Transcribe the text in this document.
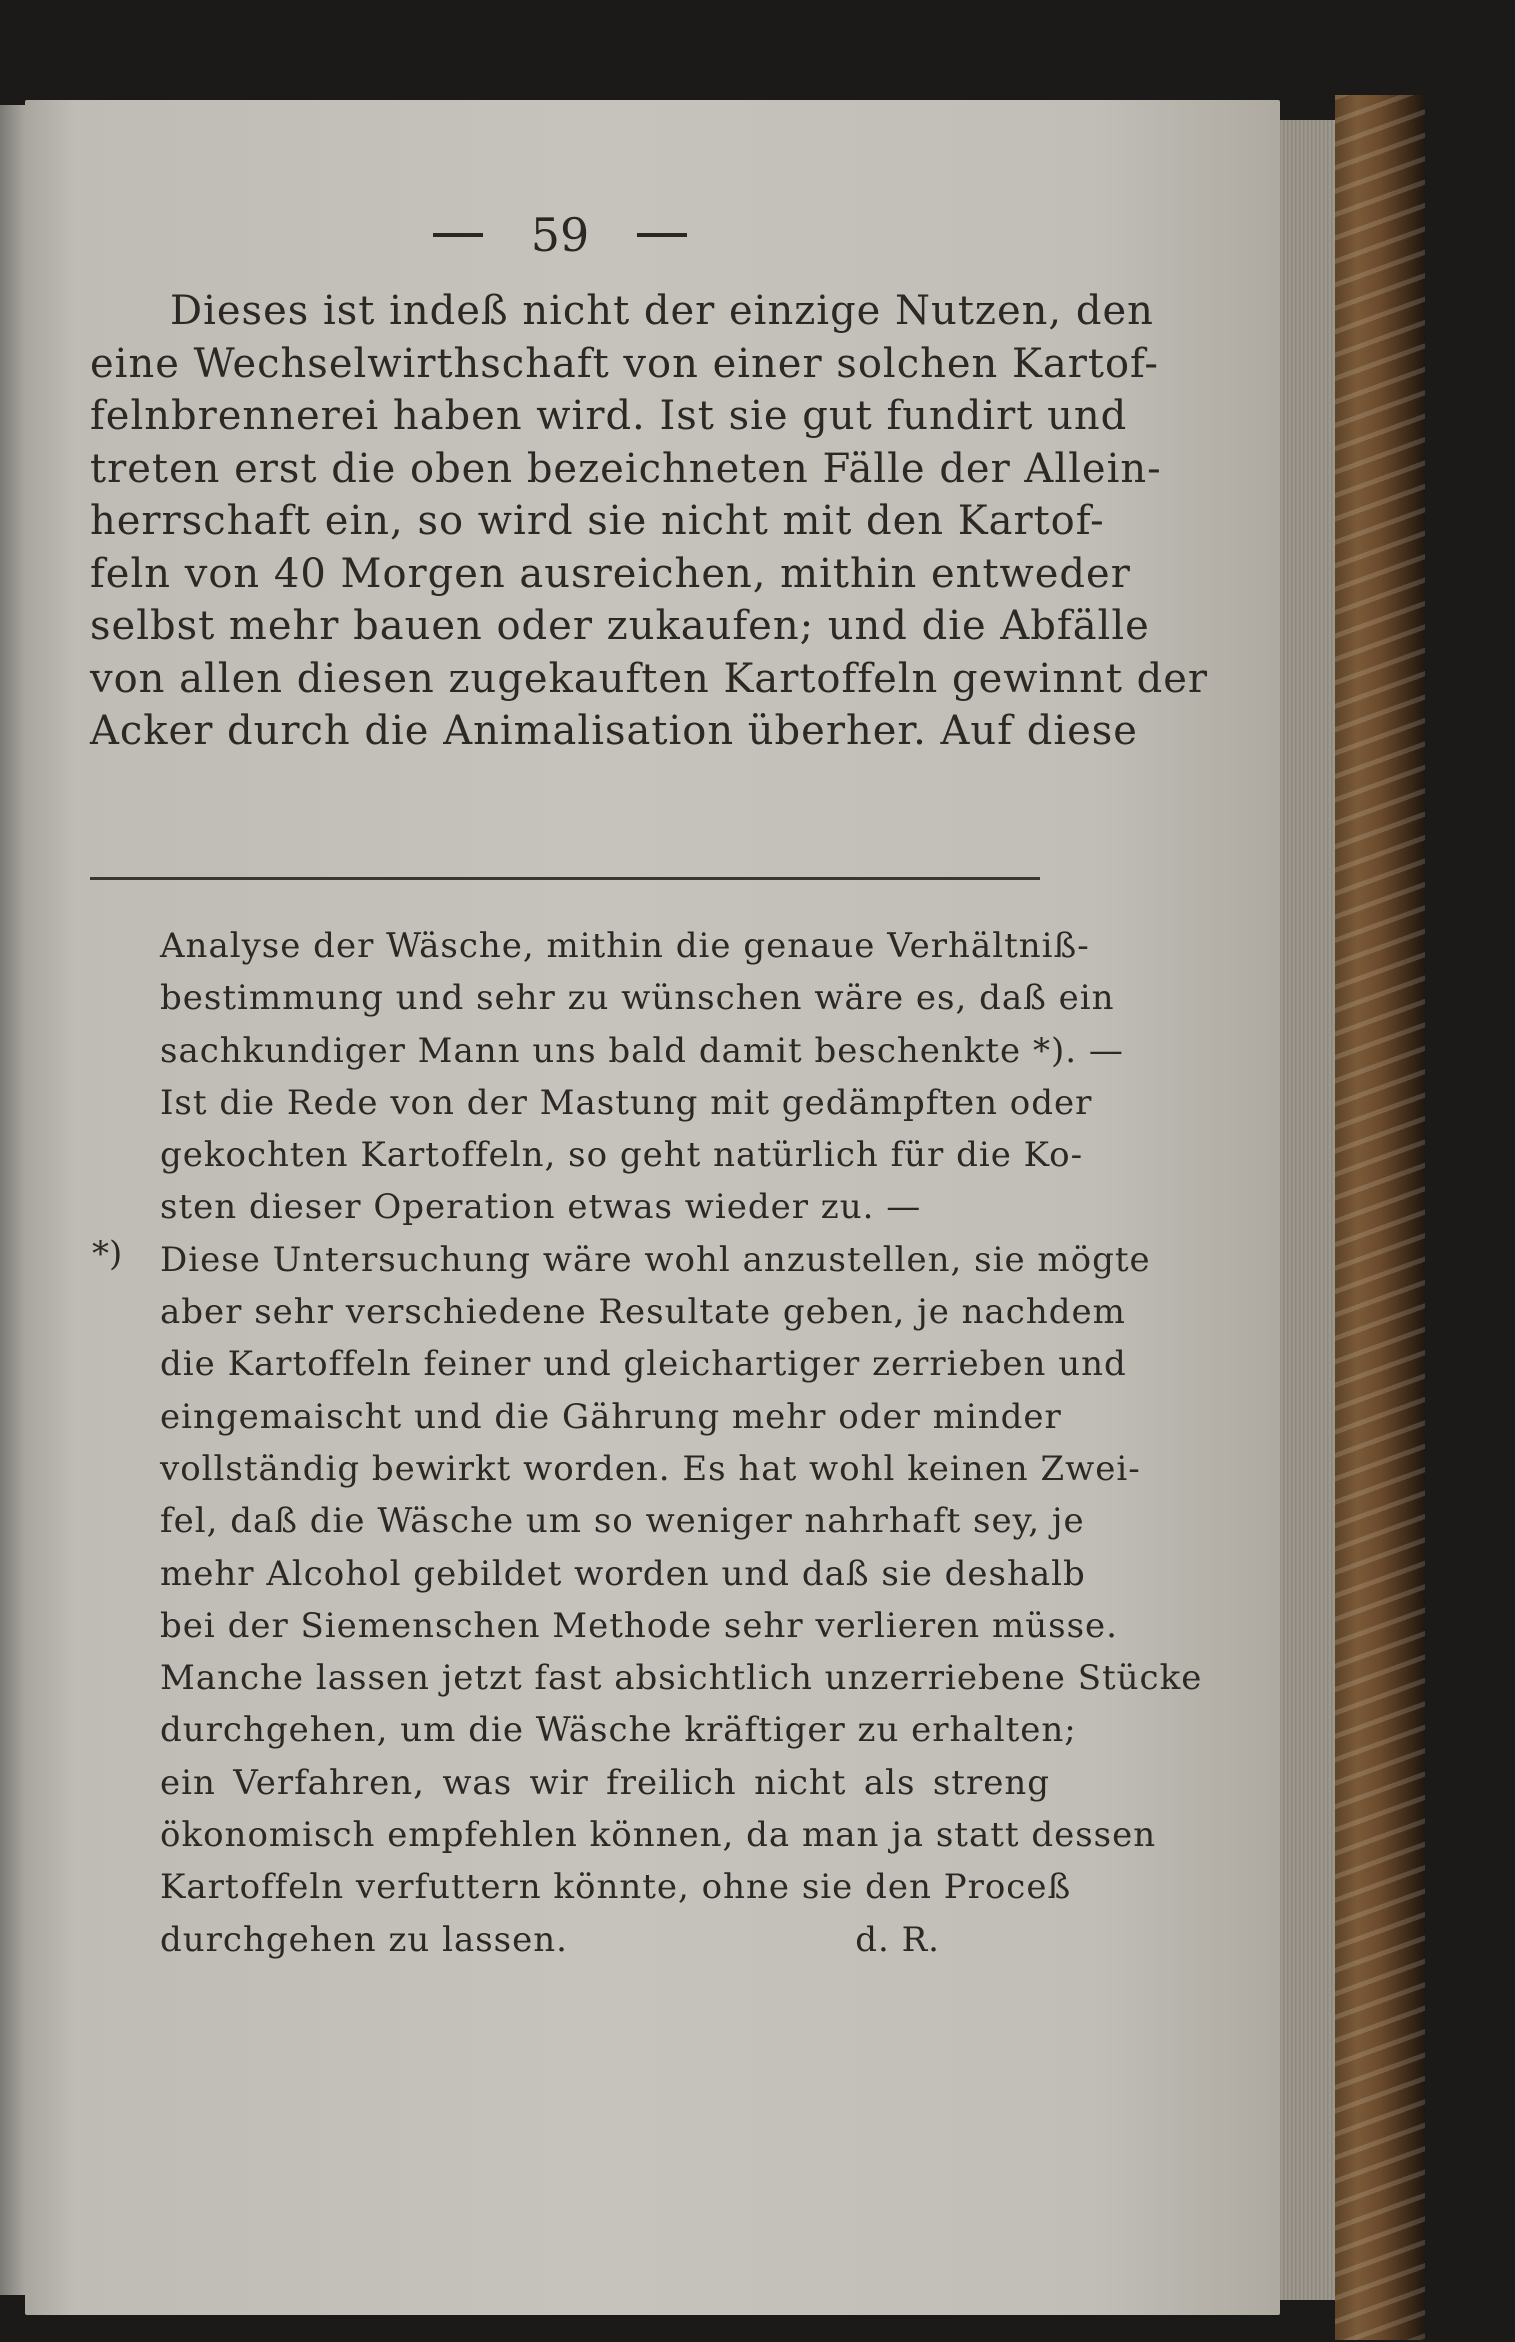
59
Dieses ist indeß nicht der einzige Nutzen, den
eine Wechselwirthschaft von einer solchen Kartof-
felnbrennerei haben wird. Ist sie gut fundirt und
treten erst die oben bezeichneten Fälle der Allein-
herrschaft ein, so wird sie nicht mit den Kartof-
feln von 40 Morgen ausreichen, mithin entweder
selbst mehr bauen oder zukaufen; und die Abfälle
von allen diesen zugekauften Kartoffeln gewinnt der
Acker durch die Animalisation überher. Auf diese
Analyse der Wäsche, mithin die genaue Verhältniß-
bestimmung und sehr zu wünschen wäre es, daß ein
sachkundiger Mann uns bald damit beschenkte *). —
Ist die Rede von der Mastung mit gedämpften oder
gekochten Kartoffeln, so geht natürlich für die Ko-
sten dieser Operation etwas wieder zu. —
*) Diese Untersuchung wäre wohl anzustellen, sie mögte
aber sehr verschiedene Resultate geben, je nachdem
die Kartoffeln feiner und gleichartiger zerrieben und
eingemaischt und die Gährung mehr oder minder
vollständig bewirkt worden. Es hat wohl keinen Zwei-
fel, daß die Wäsche um so weniger nahrhaft sey, je
mehr Alcohol gebildet worden und daß sie deshalb
bei der Siemenschen Methode sehr verlieren müsse.
Manche lassen jetzt fast absichtlich unzerriebene Stücke
durchgehen, um die Wäsche kräftiger zu erhalten;
ein Verfahren, was wir freilich nicht als streng
ökonomisch empfehlen können, da man ja statt dessen
Kartoffeln verfuttern könnte, ohne sie den Proceß
durchgehen zu lassen.	d. R.
